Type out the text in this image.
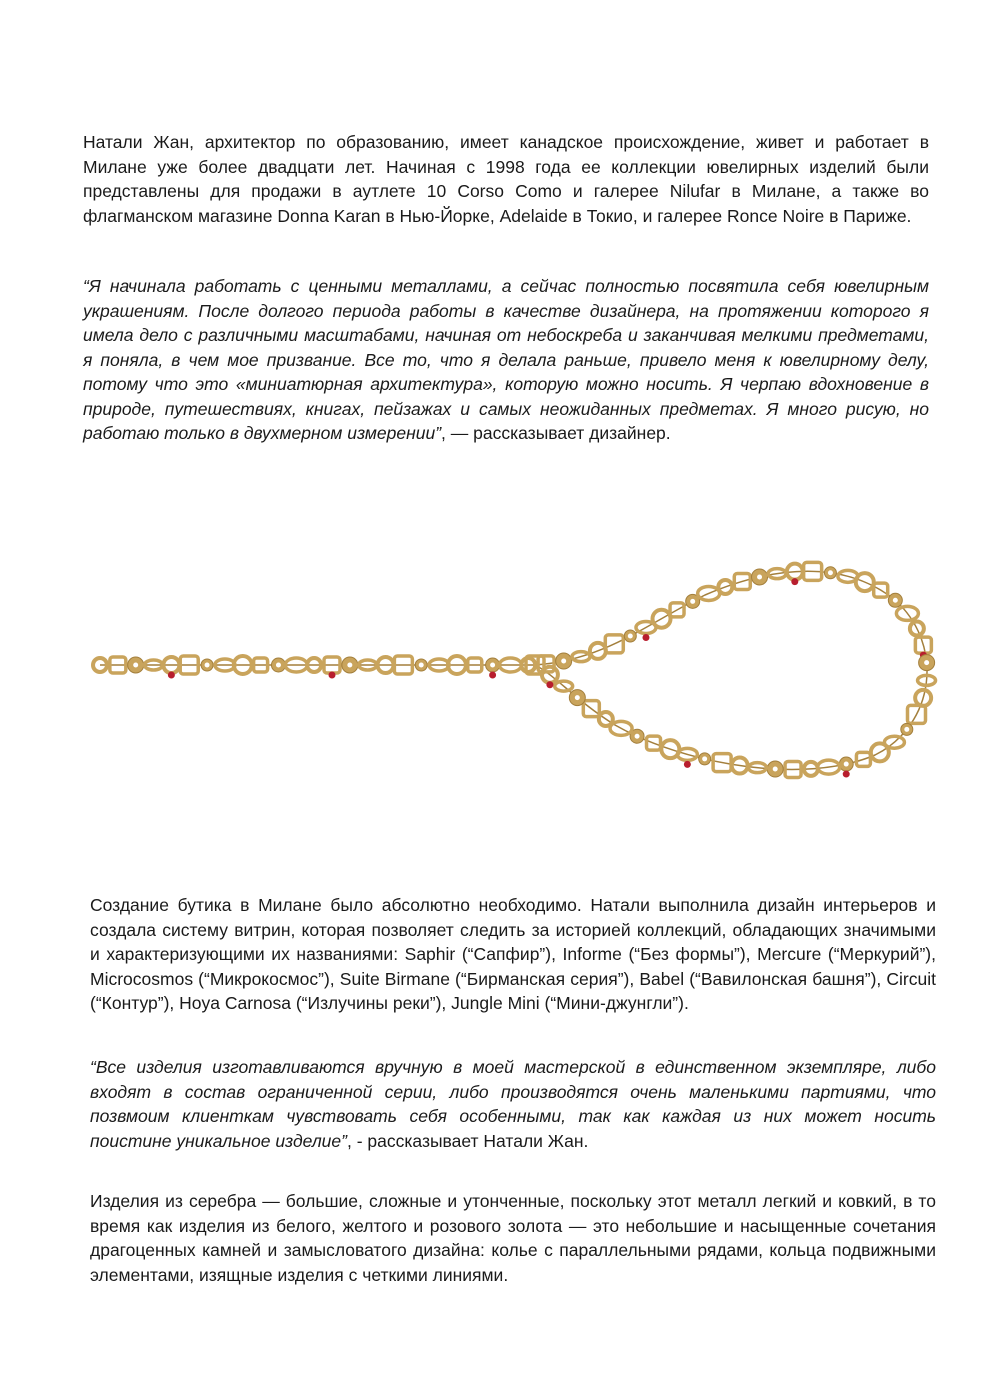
Натали Жан, архитектор по образованию, имеет канадское происхождение, живет и работает в Милане уже более двадцати лет. Начиная с 1998 года ее коллекции ювелирных изделий были представлены для продажи в аутлете 10 Corso Como и галерее Nilufar в Милане, а также во флагманском магазине Donna Karan в Нью-Йорке, Adelaide в Токио, и галерее Ronce Noire в Париже.

“Я начинала работать с ценными металлами, а сейчас полностью посвятила себя ювелирным украшениям. После долгого периода работы в качестве дизайнера, на протяжении которого я имела дело с различными масштабами, начиная от небоскреба и заканчивая мелкими предметами, я поняла, в чем мое призвание. Все то, что я делала раньше, привело меня к ювелирному делу, потому что это «миниатюрная архитектура», которую можно носить. Я черпаю вдохновение в природе, путешествиях, книгах, пейзажах и самых неожиданных предметах. Я много рисую, но работаю только в двухмерном измерении”, — рассказывает дизайнер.

Создание бутика в Милане было абсолютно необходимо. Натали выполнила дизайн интерьеров и создала систему витрин, которая позволяет следить за историей коллекций, обладающих значимыми и характеризующими их названиями: Saphir (“Сапфир”), Informe (“Без формы”), Mercure (“Меркурий”), Microcosmos (“Микрокосмос”), Suite Birmane (“Бирманская серия”), Babel (“Вавилонская башня”), Circuit (“Контур”), Hoya Carnosa (“Излучины реки”), Jungle Mini (“Мини-джунгли”).

“Все изделия изготавливаются вручную в моей мастерской в единственном экземпляре, либо входят в состав ограниченной серии, либо производятся очень маленькими партиями, что позвмоим клиенткам чувствовать себя особенными, так как каждая из них может носить поистине уникальное изделие”, - рассказывает Натали Жан.

Изделия из серебра — большие, сложные и утонченные, поскольку этот металл легкий и ковкий, в то время как изделия из белого, желтого и розового золота — это небольшие и насыщенные сочетания драгоценных камней и замысловатого дизайна: колье с параллельными рядами, кольца подвижными элементами, изящные изделия с четкими линиями.
